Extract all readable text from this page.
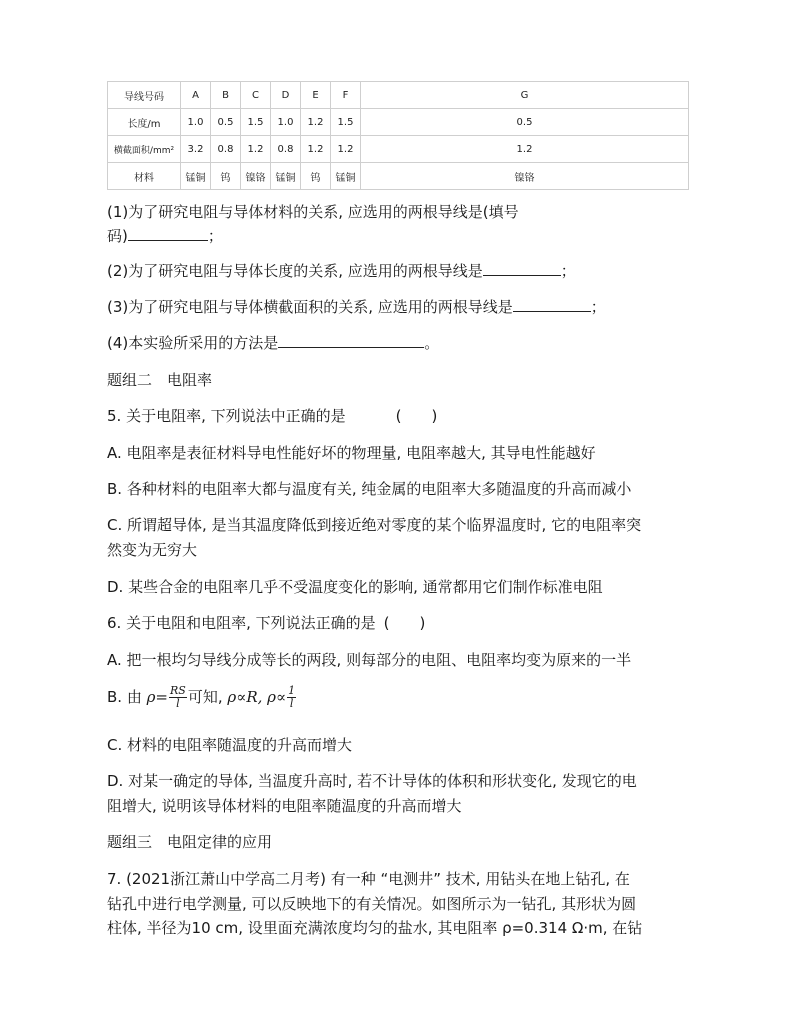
导线号码	A	B	C	D	E	F	G
长度/m	1.0	0.5	1.5	1.0	1.2	1.5	0.5
横截面积/mm²	3.2	0.8	1.2	0.8	1.2	1.2	1.2
材料	锰铜	钨	镍铬	锰铜	钨	锰铜	镍铬
(1)为了研究电阻与导体材料的关系, 应选用的两根导线是(填号
码)	；
(2)为了研究电阻与导体长度的关系, 应选用的两根导线是	；
(3)为了研究电阻与导体横截面积的关系, 应选用的两根导线是	；
(4)本实验所采用的方法是	。
题组二　电阻率
5. 关于电阻率, 下列说法中正确的是	(　　)
A. 电阻率是表征材料导电性能好坏的物理量, 电阻率越大, 其导电性能越好
B. 各种材料的电阻率大都与温度有关, 纯金属的电阻率大多随温度的升高而减小
C. 所谓超导体, 是当其温度降低到接近绝对零度的某个临界温度时, 它的电阻率突
然变为无穷大
D. 某些合金的电阻率几乎不受温度变化的影响, 通常都用它们制作标准电阻
6. 关于电阻和电阻率, 下列说法正确的是 (　　)
A. 把一根均匀导线分成等长的两段, 则每部分的电阻、电阻率均变为原来的一半
B. 由 $\rho= \frac{RS}{l}$ 可知, ρ∝R, $\rho\propto \frac{1}{l}$
C. 材料的电阻率随温度的升高而增大
D. 对某一确定的导体, 当温度升高时, 若不计导体的体积和形状变化, 发现它的电
阻增大, 说明该导体材料的电阻率随温度的升高而增大
题组三　电阻定律的应用
7. (2021浙江萧山中学高二月考) 有一种 “电测井” 技术, 用钻头在地上钻孔, 在
钻孔中进行电学测量, 可以反映地下的有关情况。如图所示为一钻孔, 其形状为圆
柱体, 半径为10 cm, 设里面充满浓度均匀的盐水, 其电阻率 ρ=0.314 Ω·m, 在钻
